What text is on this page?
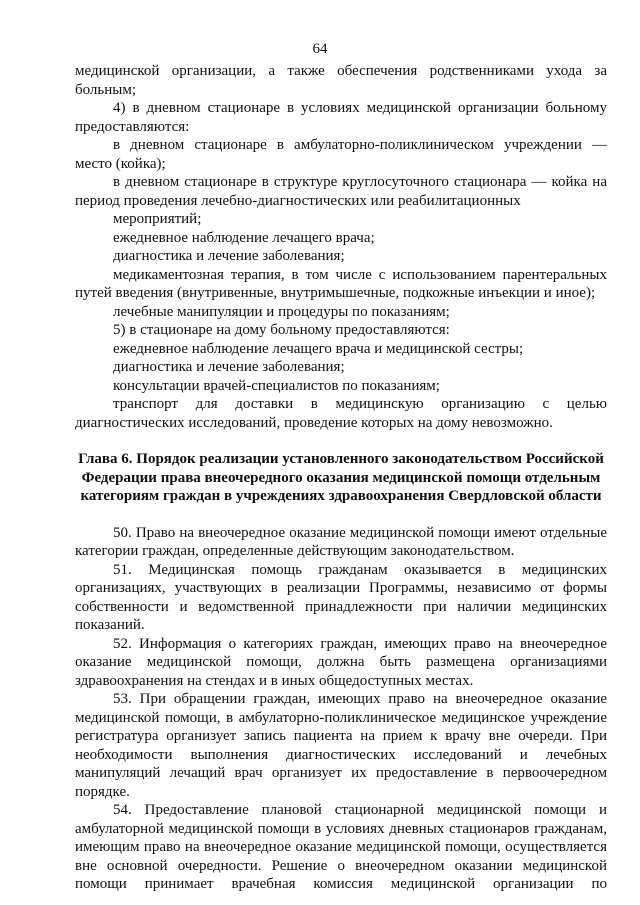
64

медицинской организации, а также обеспечения родственниками ухода за больным;

4) в дневном стационаре в условиях медицинской организации больному предоставляются:

в дневном стационаре в амбулаторно-поликлиническом учреждении — место (койка);

в дневном стационаре в структуре круглосуточного стационара — койка на период проведения лечебно-диагностических или реабилитационных

мероприятий;

ежедневное наблюдение лечащего врача;

диагностика и лечение заболевания;

медикаментозная терапия, в том числе с использованием парентеральных путей введения (внутривенные, внутримышечные, подкожные инъекции и иное);

лечебные манипуляции и процедуры по показаниям;

5) в стационаре на дому больному предоставляются:

ежедневное наблюдение лечащего врача и медицинской сестры;

диагностика и лечение заболевания;

консультации врачей-специалистов по показаниям;

транспорт для доставки в медицинскую организацию с целью диагностических исследований, проведение которых на дому невозможно.

Глава 6. Порядок реализации установленного законодательством Российской Федерации права внеочередного оказания медицинской помощи отдельным категориям граждан в учреждениях здравоохранения Свердловской области

50. Право на внеочередное оказание медицинской помощи имеют отдельные категории граждан, определенные действующим законодательством.

51. Медицинская помощь гражданам оказывается в медицинских организациях, участвующих в реализации Программы, независимо от формы собственности и ведомственной принадлежности при наличии медицинских показаний.

52. Информация о категориях граждан, имеющих право на внеочередное оказание медицинской помощи, должна быть размещена организациями здравоохранения на стендах и в иных общедоступных местах.

53. При обращении граждан, имеющих право на внеочередное оказание медицинской помощи, в амбулаторно-поликлиническое медицинское учреждение регистратура организует запись пациента на прием к врачу вне очереди. При необходимости выполнения диагностических исследований и лечебных манипуляций лечащий врач организует их предоставление в первоочередном порядке.

54. Предоставление плановой стационарной медицинской помощи и амбулаторной медицинской помощи в условиях дневных стационаров гражданам, имеющим право на внеочередное оказание медицинской помощи, осуществляется вне основной очередности. Решение о внеочередном оказании медицинской помощи принимает врачебная комиссия медицинской организации по
